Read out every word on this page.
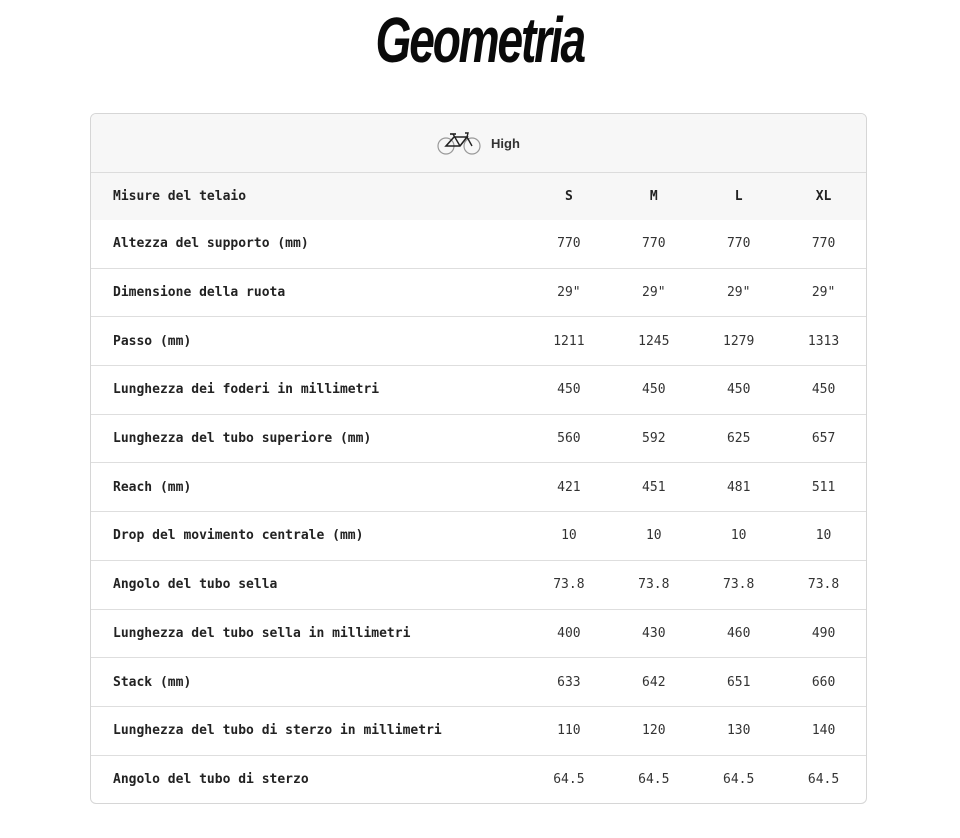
Geometria
High
Misure del telaio	S	M	L	XL
Altezza del supporto (mm)	770	770	770	770
Dimensione della ruota	29"	29"	29"	29"
Passo (mm)	1211	1245	1279	1313
Lunghezza dei foderi in millimetri	450	450	450	450
Lunghezza del tubo superiore (mm)	560	592	625	657
Reach (mm)	421	451	481	511
Drop del movimento centrale (mm)	10	10	10	10
Angolo del tubo sella	73.8	73.8	73.8	73.8
Lunghezza del tubo sella in millimetri	400	430	460	490
Stack (mm)	633	642	651	660
Lunghezza del tubo di sterzo in millimetri	110	120	130	140
Angolo del tubo di sterzo	64.5	64.5	64.5	64.5
